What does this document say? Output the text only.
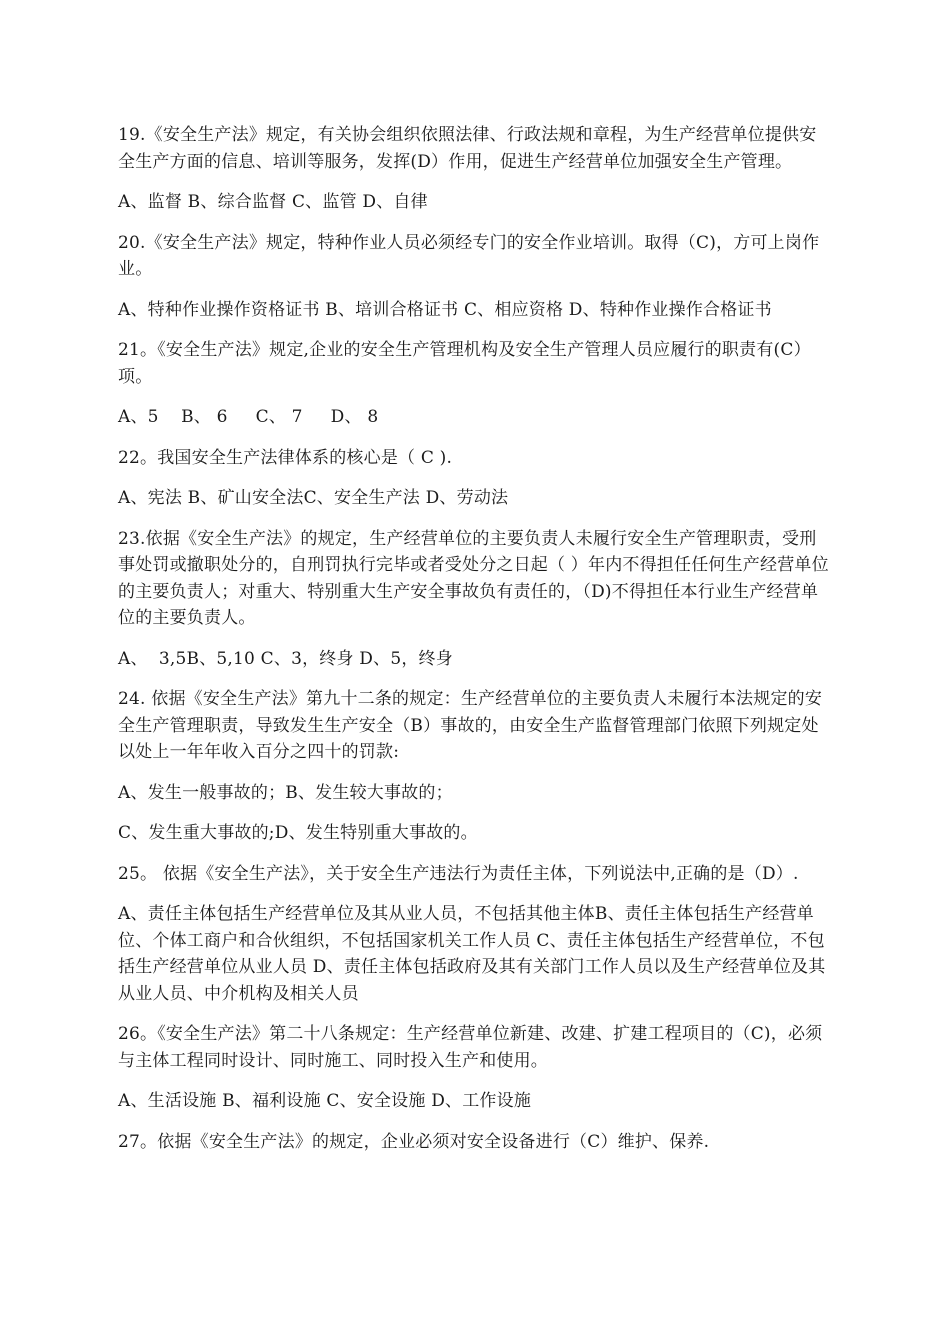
19.《安全生产法》规定，有关协会组织依照法律、行政法规和章程，为生产经营单位提供安全生产方面的信息、培训等服务，发挥(D）作用，促进生产经营单位加强安全生产管理。

A、监督 B、综合监督 C、监管 D、自律

20.《安全生产法》规定，特种作业人员必须经专门的安全作业培训。取得（C)，方可上岗作业。

A、特种作业操作资格证书 B、培训合格证书 C、相应资格 D、特种作业操作合格证书

21。《安全生产法》规定,企业的安全生产管理机构及安全生产管理人员应履行的职责有(C）项。

A、5    B、 6     C、 7     D、 8

22。我国安全生产法律体系的核心是（ C ).

A、宪法 B、矿山安全法C、安全生产法 D、劳动法

23.依据《安全生产法》的规定，生产经营单位的主要负责人未履行安全生产管理职责，受刑事处罚或撤职处分的，自刑罚执行完毕或者受处分之日起（ ）年内不得担任任何生产经营单位的主要负责人；对重大、特别重大生产安全事故负有责任的，（D)不得担任本行业生产经营单位的主要负责人。

A、  3,5B、5,10 C、3，终身 D、5，终身

24. 依据《安全生产法》第九十二条的规定：生产经营单位的主要负责人未履行本法规定的安全生产管理职责，导致发生生产安全（B）事故的，由安全生产监督管理部门依照下列规定处以处上一年年收入百分之四十的罚款:

A、发生一般事故的；B、发生较大事故的；

C、发生重大事故的;D、发生特别重大事故的。

25。 依据《安全生产法》，关于安全生产违法行为责任主体，下列说法中,正确的是（D）.

A、责任主体包括生产经营单位及其从业人员，不包括其他主体B、责任主体包括生产经营单位、个体工商户和合伙组织，不包括国家机关工作人员 C、责任主体包括生产经营单位，不包括生产经营单位从业人员 D、责任主体包括政府及其有关部门工作人员以及生产经营单位及其从业人员、中介机构及相关人员

26。《安全生产法》第二十八条规定：生产经营单位新建、改建、扩建工程项目的（C)，必须与主体工程同时设计、同时施工、同时投入生产和使用。

A、生活设施 B、福利设施 C、安全设施 D、工作设施

27。依据《安全生产法》的规定，企业必须对安全设备进行（C）维护、保养.
